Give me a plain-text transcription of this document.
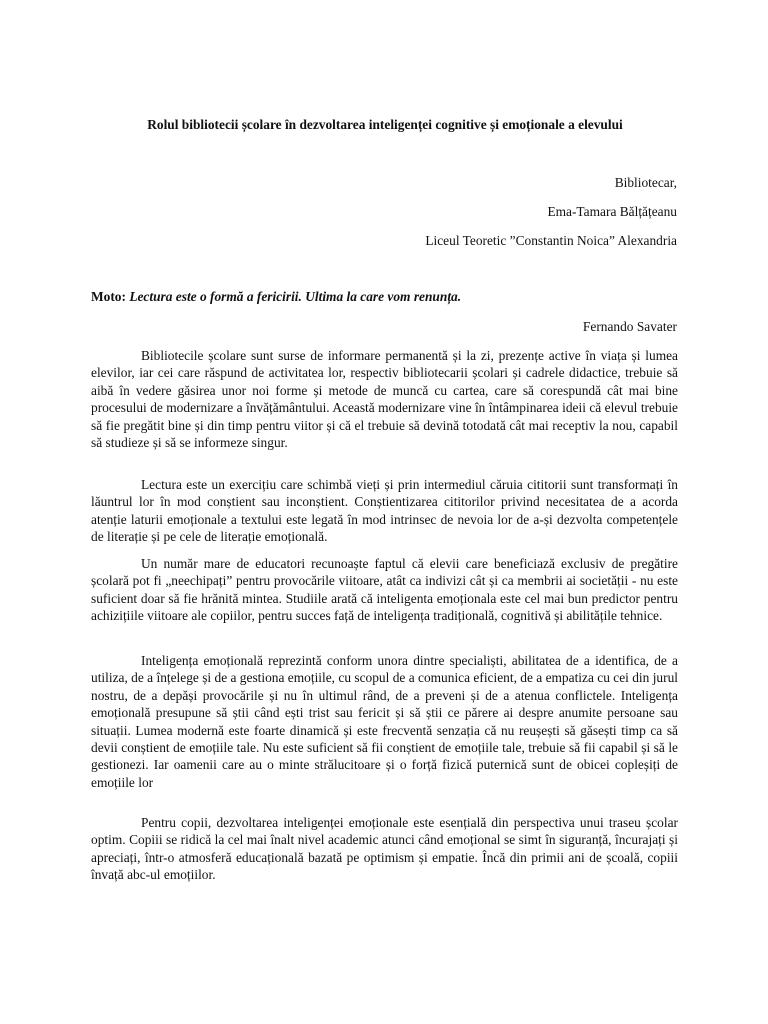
Rolul bibliotecii școlare în dezvoltarea inteligenței cognitive și emoționale a elevului
Bibliotecar,
Ema-Tamara Bălțățeanu
Liceul Teoretic ”Constantin Noica” Alexandria
Moto: Lectura este o formă a fericirii. Ultima la care vom renunța.
Fernando Savater

Bibliotecile școlare sunt surse de informare permanentă și la zi, prezențe active în viața și lumea elevilor, iar cei care răspund de activitatea lor, respectiv bibliotecarii școlari și cadrele didactice, trebuie să aibă în vedere găsirea unor noi forme și metode de muncă cu cartea, care să corespundă cât mai bine procesului de modernizare a învățământului. Această modernizare vine în întâmpinarea ideii că elevul trebuie să fie pregătit bine și din timp pentru viitor și că el trebuie să devină totodată cât mai receptiv la nou, capabil să studieze și să se informeze singur.

Lectura este un exercițiu care schimbă vieți și prin intermediul căruia cititorii sunt transformați în lăuntrul lor în mod conștient sau inconștient. Conștientizarea cititorilor privind necesitatea de a acorda atenție laturii emoționale a textului este legată în mod intrinsec de nevoia lor de a-și dezvolta competențele de literație și pe cele de literație emoțională.

Un număr mare de educatori recunoaște faptul că elevii care beneficiază exclusiv de pregătire școlară pot fi „neechipați” pentru provocările viitoare, atât ca indivizi cât și ca membrii ai societății - nu este suficient doar să fie hrănită mintea. Studiile arată că inteligenta emoționala este cel mai bun predictor pentru achizițiile viitoare ale copiilor, pentru succes față de inteligența tradițională, cognitivă și abilitățile tehnice.

Inteligența emoțională reprezintă conform unora dintre specialiști, abilitatea de a identifica, de a utiliza, de a înțelege și de a gestiona emoțiile, cu scopul de a comunica eficient, de a empatiza cu cei din jurul nostru, de a depăși provocările și nu în ultimul rând, de a preveni și de a atenua conflictele. Inteligența emoțională presupune să știi când ești trist sau fericit și să știi ce părere ai despre anumite persoane sau situații. Lumea modernă este foarte dinamică și este frecventă senzația că nu reușești să găsești timp ca să devii conștient de emoțiile tale. Nu este suficient să fii conștient de emoțiile tale, trebuie să fii capabil și să le gestionezi. Iar oamenii care au o minte strălucitoare și o forță fizică puternică sunt de obicei copleșiți de emoțiile lor

Pentru copii, dezvoltarea inteligenței emoționale este esențială din perspectiva unui traseu școlar optim. Copiii se ridică la cel mai înalt nivel academic atunci când emoțional se simt în siguranță, încurajați și apreciați, într-o atmosferă educațională bazată pe optimism și empatie. Încă din primii ani de școală, copiii învață abc-ul emoțiilor.
